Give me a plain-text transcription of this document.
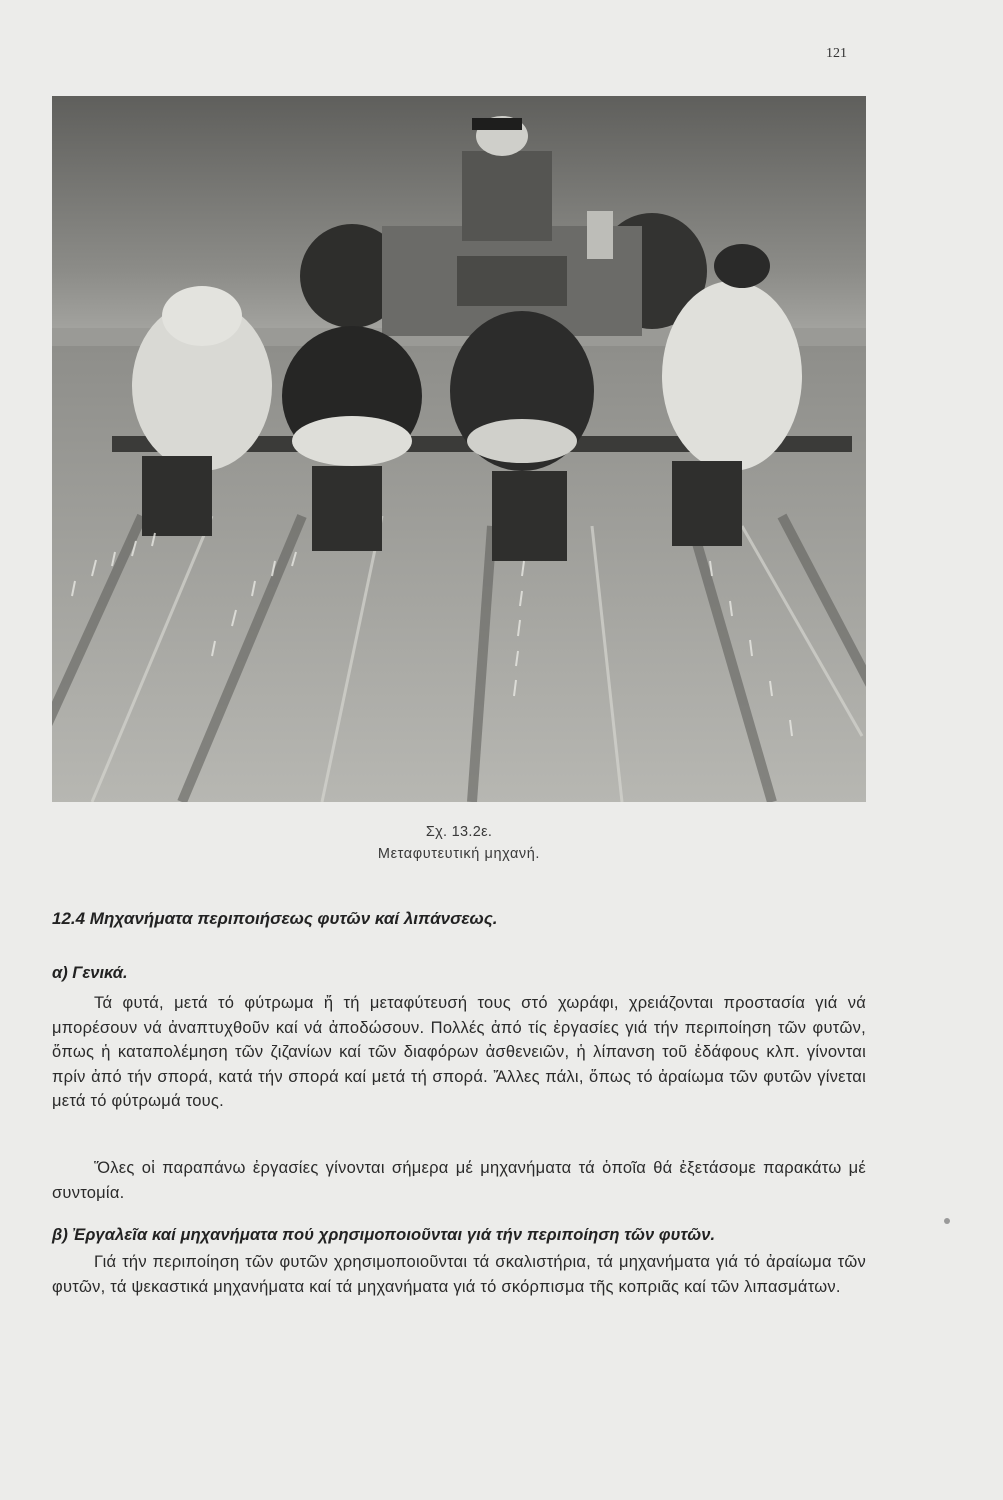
121
Σχ. 13.2ε.
Μεταφυτευτική μηχανή.
12.4 Μηχανήματα περιποιήσεως φυτῶν καί λιπάνσεως.
α) Γενικά.

Τά φυτά, μετά τό φύτρωμα ἤ τή μεταφύτευσή τους στό χωράφι, χρειάζονται προστασία γιά νά μπορέσουν νά ἀναπτυχθοῦν καί νά ἀποδώσουν. Πολλές ἀπό τίς ἐργασίες γιά τήν περιποίηση τῶν φυτῶν, ὅπως ἡ καταπολέμηση τῶν ζιζανίων καί τῶν διαφόρων ἀσθενειῶν, ἡ λίπανση τοῦ ἐδάφους κλπ. γίνονται πρίν ἀπό τήν σπορά, κατά τήν σπορά καί μετά τή σπορά. Ἄλλες πάλι, ὅπως τό ἀραίωμα τῶν φυτῶν γίνεται μετά τό φύτρωμά τους.

Ὅλες οἱ παραπάνω ἐργασίες γίνονται σήμερα μέ μηχανήματα τά ὁποῖα θά ἐξετάσομε παρακάτω μέ συντομία.

β) Ἐργαλεῖα καί μηχανήματα πού χρησιμοποιοῦνται γιά τήν περιποίηση τῶν φυτῶν.

Γιά τήν περιποίηση τῶν φυτῶν χρησιμοποιοῦνται τά σκαλιστήρια, τά μηχανήματα γιά τό ἀραίωμα τῶν φυτῶν, τά ψεκαστικά μηχανήματα καί τά μηχανήματα γιά τό σκόρπισμα τῆς κοπριᾶς καί τῶν λιπασμάτων.
